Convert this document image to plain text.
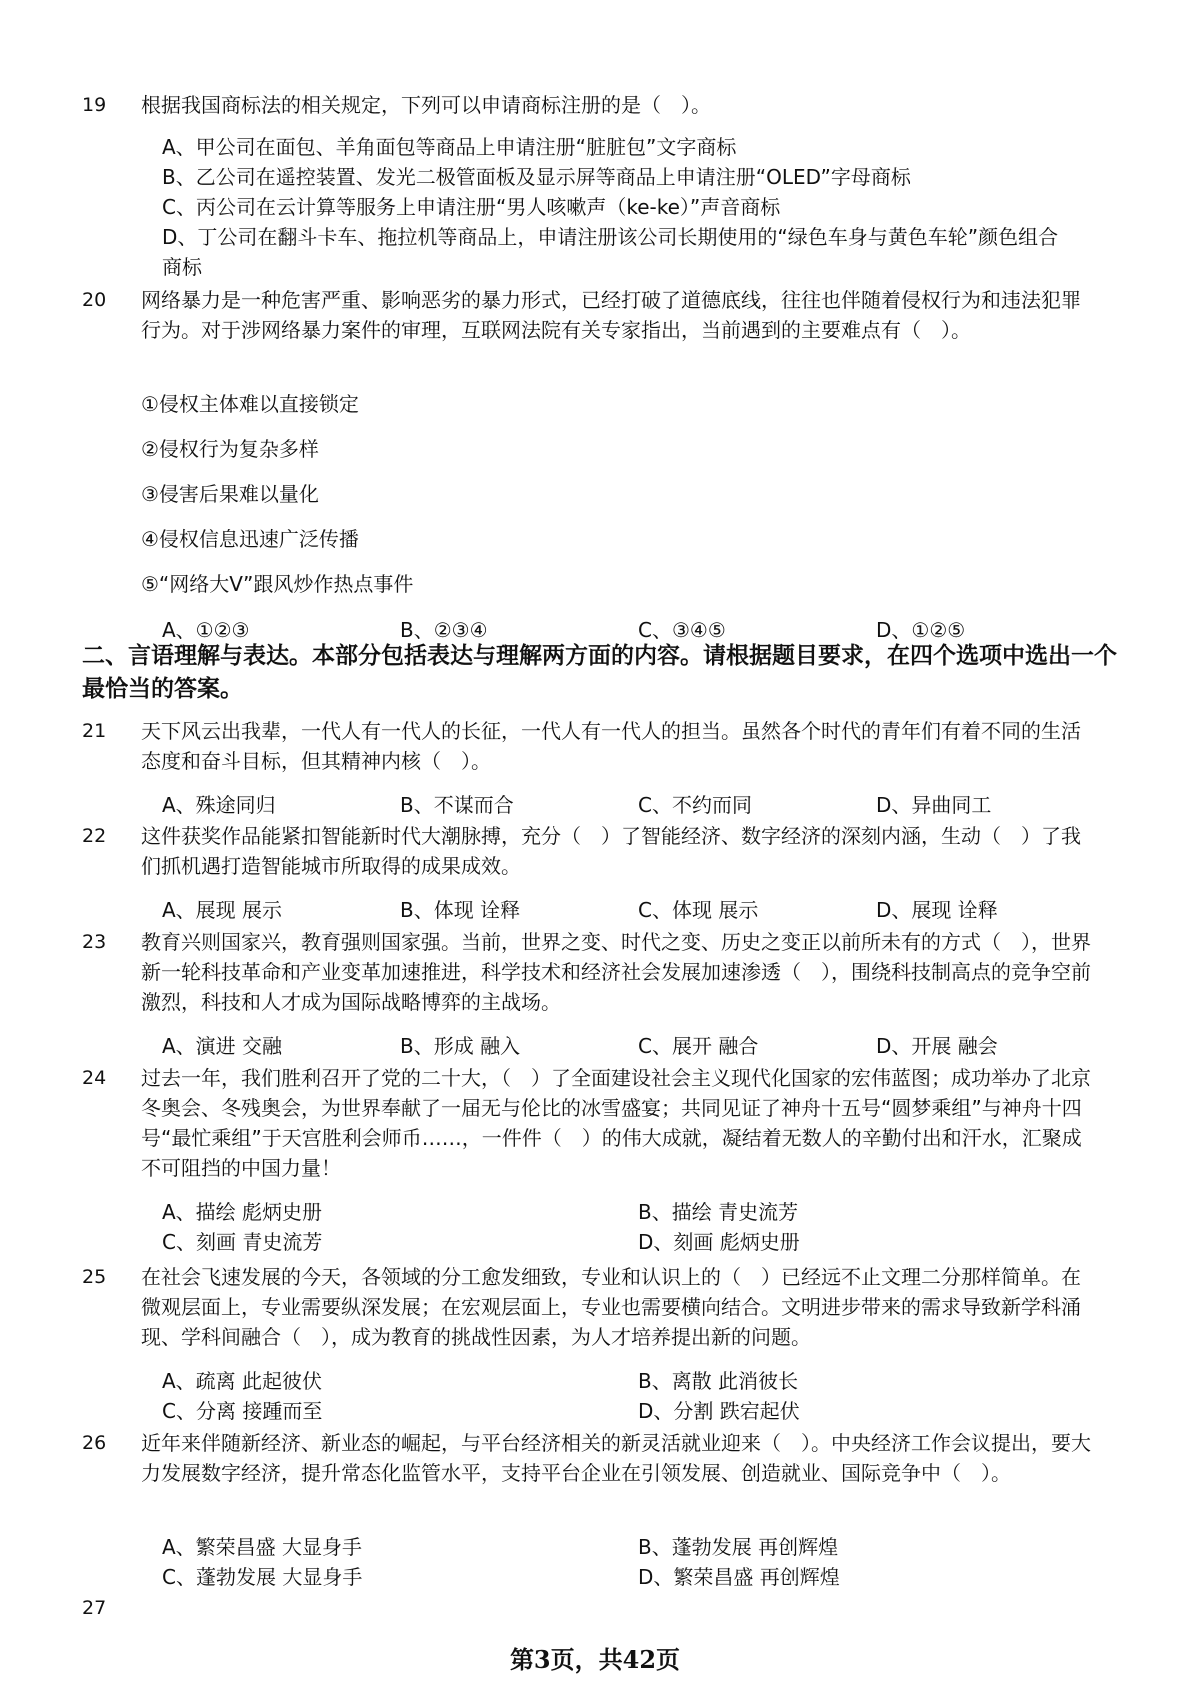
19 根据我国商标法的相关规定，下列可以申请商标注册的是（　）。
A、甲公司在面包、羊角面包等商品上申请注册“脏脏包”文字商标
B、乙公司在遥控装置、发光二极管面板及显示屏等商品上申请注册“OLED”字母商标
C、丙公司在云计算等服务上申请注册“男人咳嗽声（ke-ke）”声音商标
D、丁公司在翻斗卡车、拖拉机等商品上，申请注册该公司长期使用的“绿色车身与黄色车轮”颜色组合商标
20 网络暴力是一种危害严重、影响恶劣的暴力形式，已经打破了道德底线，往往也伴随着侵权行为和违法犯罪行为。对于涉网络暴力案件的审理，互联网法院有关专家指出，当前遇到的主要难点有（　）。
①侵权主体难以直接锁定
②侵权行为复杂多样
③侵害后果难以量化
④侵权信息迅速广泛传播
⑤“网络大V”跟风炒作热点事件
A、①②③	B、②③④	C、③④⑤	D、①②⑤
二、言语理解与表达。本部分包括表达与理解两方面的内容。请根据题目要求，在四个选项中选出一个最恰当的答案。
21 天下风云出我辈，一代人有一代人的长征，一代人有一代人的担当。虽然各个时代的青年们有着不同的生活态度和奋斗目标，但其精神内核（　）。
A、殊途同归	B、不谋而合	C、不约而同	D、异曲同工
22 这件获奖作品能紧扣智能新时代大潮脉搏，充分（　）了智能经济、数字经济的深刻内涵，生动（　）了我们抓机遇打造智能城市所取得的成果成效。
A、展现 展示	B、体现 诠释	C、体现 展示	D、展现 诠释
23 教育兴则国家兴，教育强则国家强。当前，世界之变、时代之变、历史之变正以前所未有的方式（　），世界新一轮科技革命和产业变革加速推进，科学技术和经济社会发展加速渗透（　），围绕科技制高点的竞争空前激烈，科技和人才成为国际战略博弈的主战场。
A、演进 交融	B、形成 融入	C、展开 融合	D、开展 融会
24 过去一年，我们胜利召开了党的二十大，（　）了全面建设社会主义现代化国家的宏伟蓝图；成功举办了北京冬奥会、冬残奥会，为世界奉献了一届无与伦比的冰雪盛宴；共同见证了神舟十五号“圆梦乘组”与神舟十四号“最忙乘组”于天宫胜利会师币……，一件件（　）的伟大成就，凝结着无数人的辛勤付出和汗水，汇聚成不可阻挡的中国力量！
A、描绘 彪炳史册	B、描绘 青史流芳
C、刻画 青史流芳	D、刻画 彪炳史册
25 在社会飞速发展的今天，各领域的分工愈发细致，专业和认识上的（　）已经远不止文理二分那样简单。在微观层面上，专业需要纵深发展；在宏观层面上，专业也需要横向结合。文明进步带来的需求导致新学科涌现、学科间融合（　），成为教育的挑战性因素，为人才培养提出新的问题。
A、疏离 此起彼伏	B、离散 此消彼长
C、分离 接踵而至	D、分割 跌宕起伏
26 近年来伴随新经济、新业态的崛起，与平台经济相关的新灵活就业迎来（　）。中央经济工作会议提出，要大力发展数字经济，提升常态化监管水平，支持平台企业在引领发展、创造就业、国际竞争中（　）。
A、繁荣昌盛 大显身手	B、蓬勃发展 再创辉煌
C、蓬勃发展 大显身手	D、繁荣昌盛 再创辉煌
27
第3页，共42页
